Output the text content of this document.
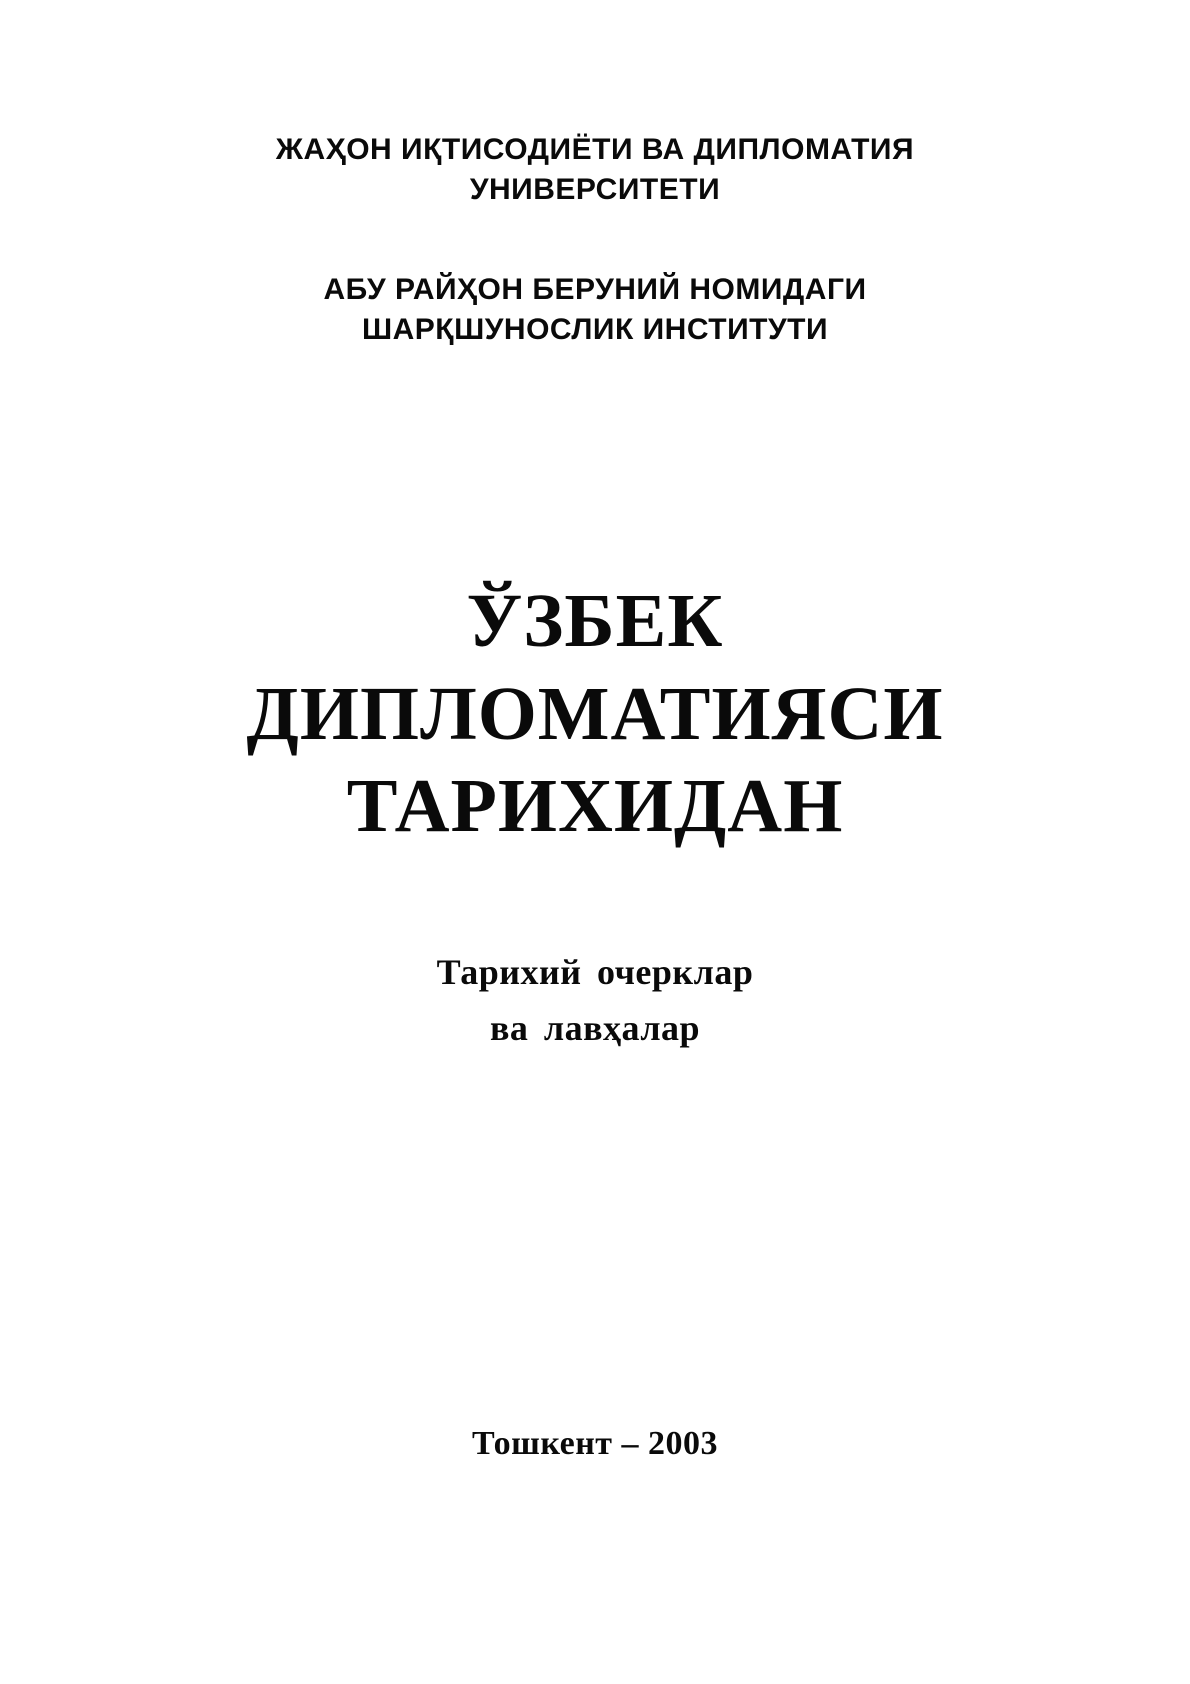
ЖАҲОН ИҚТИСОДИЁТИ ВА ДИПЛОМАТИЯ
УНИВЕРСИТЕТИ
АБУ РАЙҲОН БЕРУНИЙ НОМИДАГИ
ШАРҚШУНОСЛИК ИНСТИТУТИ
ЎЗБЕК
ДИПЛОМАТИЯСИ
ТАРИХИДАН
Тарихий очерклар
ва лавҳалар
Тошкент – 2003
